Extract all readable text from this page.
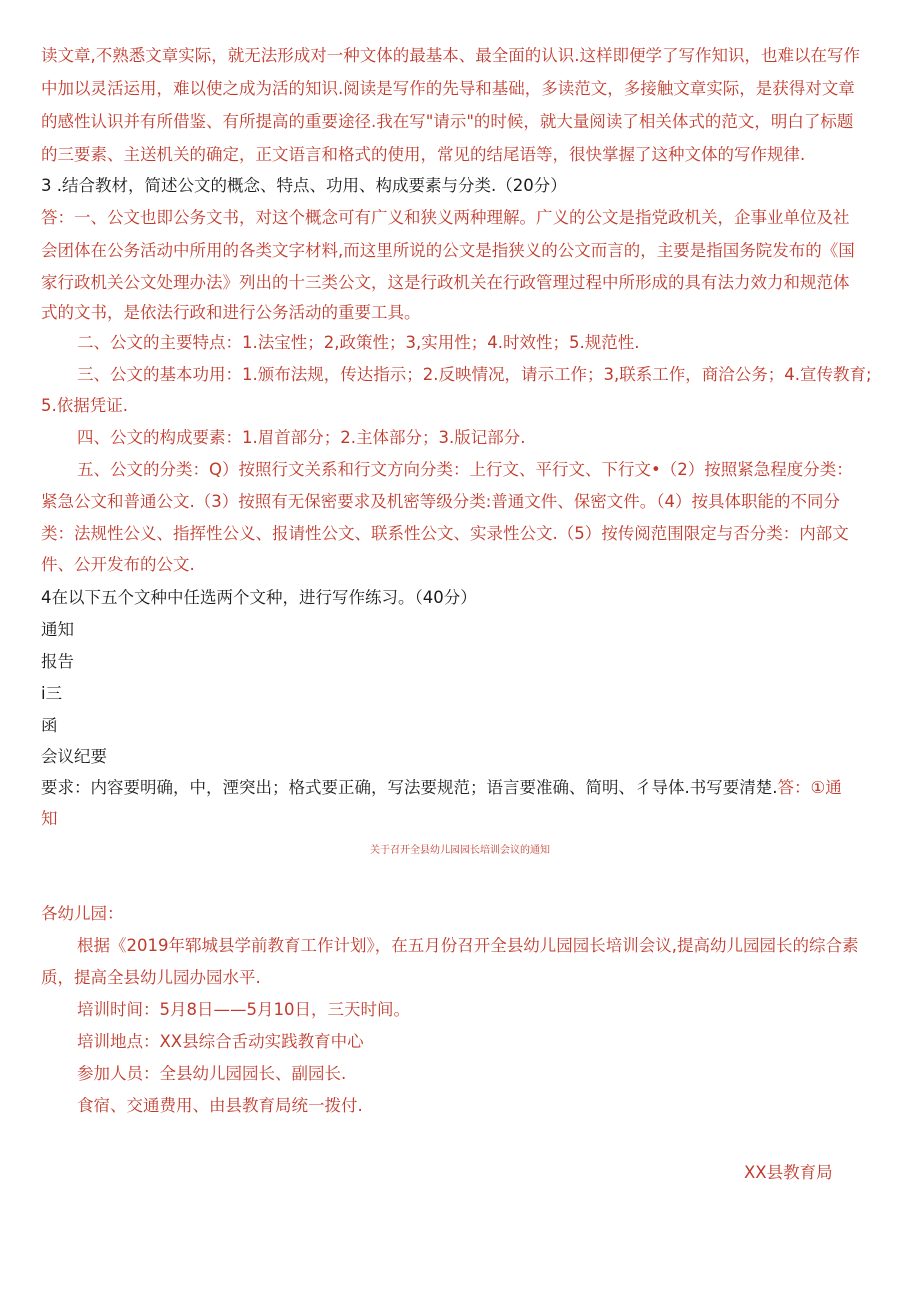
读文章,不熟悉文章实际，就无法形成对一种文体的最基本、最全面的认识.这样即便学了写作知识，也难以在写作
中加以灵活运用，难以使之成为活的知识.阅读是写作的先导和基础，多读范文，多接触文章实际，是获得对文章
的感性认识并有所借鉴、有所提高的重要途径.我在写"请示"的时候，就大量阅读了相关体式的范文，明白了标题
的三要素、主送机关的确定，正文语言和格式的使用，常见的结尾语等，很快掌握了这种文体的写作规律.
3 .结合教材，简述公文的概念、特点、功用、构成要素与分类.（20分）
答：一、公文也即公务文书，对这个概念可有广义和狭义两种理解。广义的公文是指党政机关，企事业单位及社
会团体在公务活动中所用的各类文字材料,而这里所说的公文是指狭义的公文而言的，主要是指国务院发布的《国
家行政机关公文处理办法》列出的十三类公文，这是行政机关在行政管理过程中所形成的具有法力效力和规范体
式的文书，是依法行政和进行公务活动的重要工具。
二、公文的主要特点：1.法宝性；2,政策性；3,实用性；4.时效性；5.规范性.
三、公文的基本功用：1.颁布法规，传达指示；2.反映情况，请示工作；3,联系工作，商洽公务；4.宣传教育;
5.依据凭证.
四、公文的构成要素：1.眉首部分；2.主体部分；3.版记部分.
五、公文的分类：Q）按照行文关系和行文方向分类：上行文、平行文、下行文•（2）按照紧急程度分类：
紧急公文和普通公文.（3）按照有无保密要求及机密等级分类:普通文件、保密文件。（4）按具体职能的不同分
类：法规性公义、指挥性公义、报请性公文、联系性公文、实录性公文.（5）按传阅范围限定与否分类：内部文
件、公开发布的公文.
4在以下五个文种中任选两个文种，进行写作练习。（40分）
通知
报告
i三
函
会议纪要
要求：内容要明确，中，湮突出；格式要正确，写法要规范；语言要准确、简明、彳导体.书写要清楚.答：①通
知
关于召开全县幼儿园园长培训会议的通知
各幼儿园：
根据《2019年郓城县学前教育工作计划》，在五月份召开全县幼儿园园长培训会议,提高幼儿园园长的综合素
质，提高全县幼儿园办园水平.
培训时间：5月8日——5月10日，三天时间。
培训地点：XX县综合舌动实践教育中心
参加人员：全县幼儿园园长、副园长.
食宿、交通费用、由县教育局统一拨付.
XX县教育局
